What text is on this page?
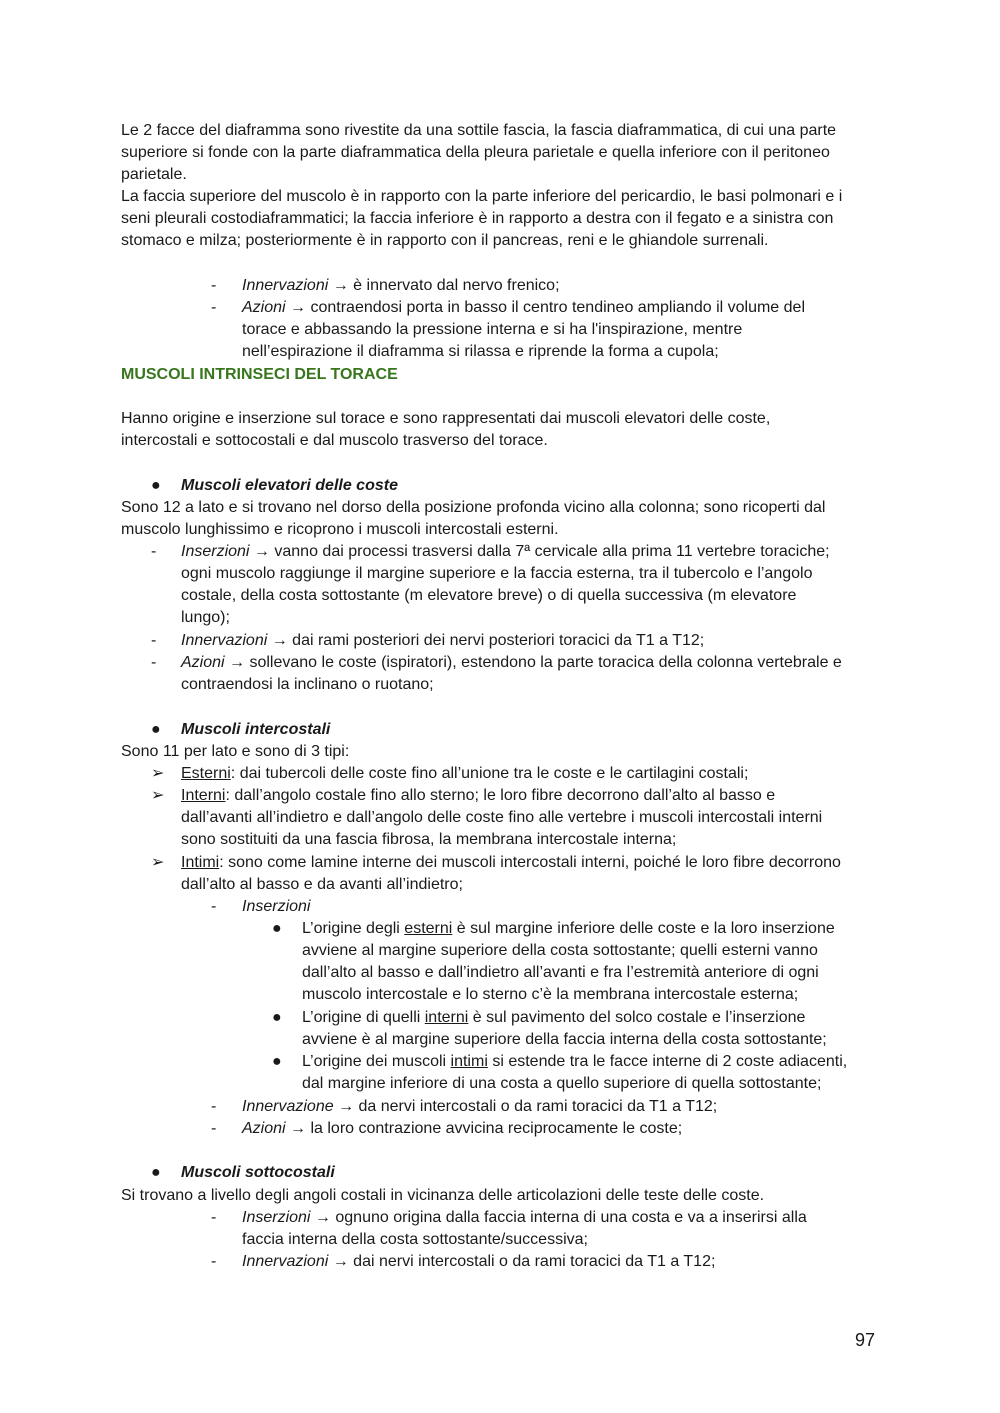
Le 2 facce del diaframma sono rivestite da una sottile fascia, la fascia diaframmatica, di cui una parte

superiore si fonde con la parte diaframmatica della pleura parietale e quella inferiore con il peritoneo

parietale.

La faccia superiore del muscolo è in rapporto con la parte inferiore del pericardio, le basi polmonari e i

seni pleurali costodiaframmatici; la faccia inferiore è in rapporto a destra con il fegato e a sinistra con

stomaco e milza; posteriormente è in rapporto con il pancreas, reni e le ghiandole surrenali.

- Innervazioni → è innervato dal nervo frenico;

- Azioni → contraendosi porta in basso il centro tendineo ampliando il volume del

torace e abbassando la pressione interna e si ha l'inspirazione, mentre

nell’espirazione il diaframma si rilassa e riprende la forma a cupola;

MUSCOLI INTRINSECI DEL TORACE

Hanno origine e inserzione sul torace e sono rappresentati dai muscoli elevatori delle coste,

intercostali e sottocostali e dal muscolo trasverso del torace.

● Muscoli elevatori delle coste

Sono 12 a lato e si trovano nel dorso della posizione profonda vicino alla colonna; sono ricoperti dal

muscolo lunghissimo e ricoprono i muscoli intercostali esterni.

- Inserzioni → vanno dai processi trasversi dalla 7ª cervicale alla prima 11 vertebre toraciche;

ogni muscolo raggiunge il margine superiore e la faccia esterna, tra il tubercolo e l’angolo

costale, della costa sottostante (m elevatore breve) o di quella successiva (m elevatore

lungo);

- Innervazioni → dai rami posteriori dei nervi posteriori toracici da T1 a T12;

- Azioni → sollevano le coste (ispiratori), estendono la parte toracica della colonna vertebrale e

contraendosi la inclinano o ruotano;

● Muscoli intercostali

Sono 11 per lato e sono di 3 tipi:

➢ Esterni: dai tubercoli delle coste fino all’unione tra le coste e le cartilagini costali;

➢ Interni: dall’angolo costale fino allo sterno; le loro fibre decorrono dall’alto al basso e

dall’avanti all’indietro e dall’angolo delle coste fino alle vertebre i muscoli intercostali interni

sono sostituiti da una fascia fibrosa, la membrana intercostale interna;

➢ Intimi: sono come lamine interne dei muscoli intercostali interni, poiché le loro fibre decorrono

dall’alto al basso e da avanti all’indietro;

- Inserzioni

● L’origine degli esterni è sul margine inferiore delle coste e la loro inserzione

avviene al margine superiore della costa sottostante; quelli esterni vanno

dall’alto al basso e dall’indietro all’avanti e fra l’estremità anteriore di ogni

muscolo intercostale e lo sterno c’è la membrana intercostale esterna;

● L’origine di quelli interni è sul pavimento del solco costale e l’inserzione

avviene è al margine superiore della faccia interna della costa sottostante;

● L’origine dei muscoli intimi si estende tra le facce interne di 2 coste adiacenti,

dal margine inferiore di una costa a quello superiore di quella sottostante;

- Innervazione → da nervi intercostali o da rami toracici da T1 a T12;

- Azioni → la loro contrazione avvicina reciprocamente le coste;

● Muscoli sottocostali

Si trovano a livello degli angoli costali in vicinanza delle articolazioni delle teste delle coste.

- Inserzioni → ognuno origina dalla faccia interna di una costa e va a inserirsi alla

faccia interna della costa sottostante/successiva;

- Innervazioni → dai nervi intercostali o da rami toracici da T1 a T12;

97
